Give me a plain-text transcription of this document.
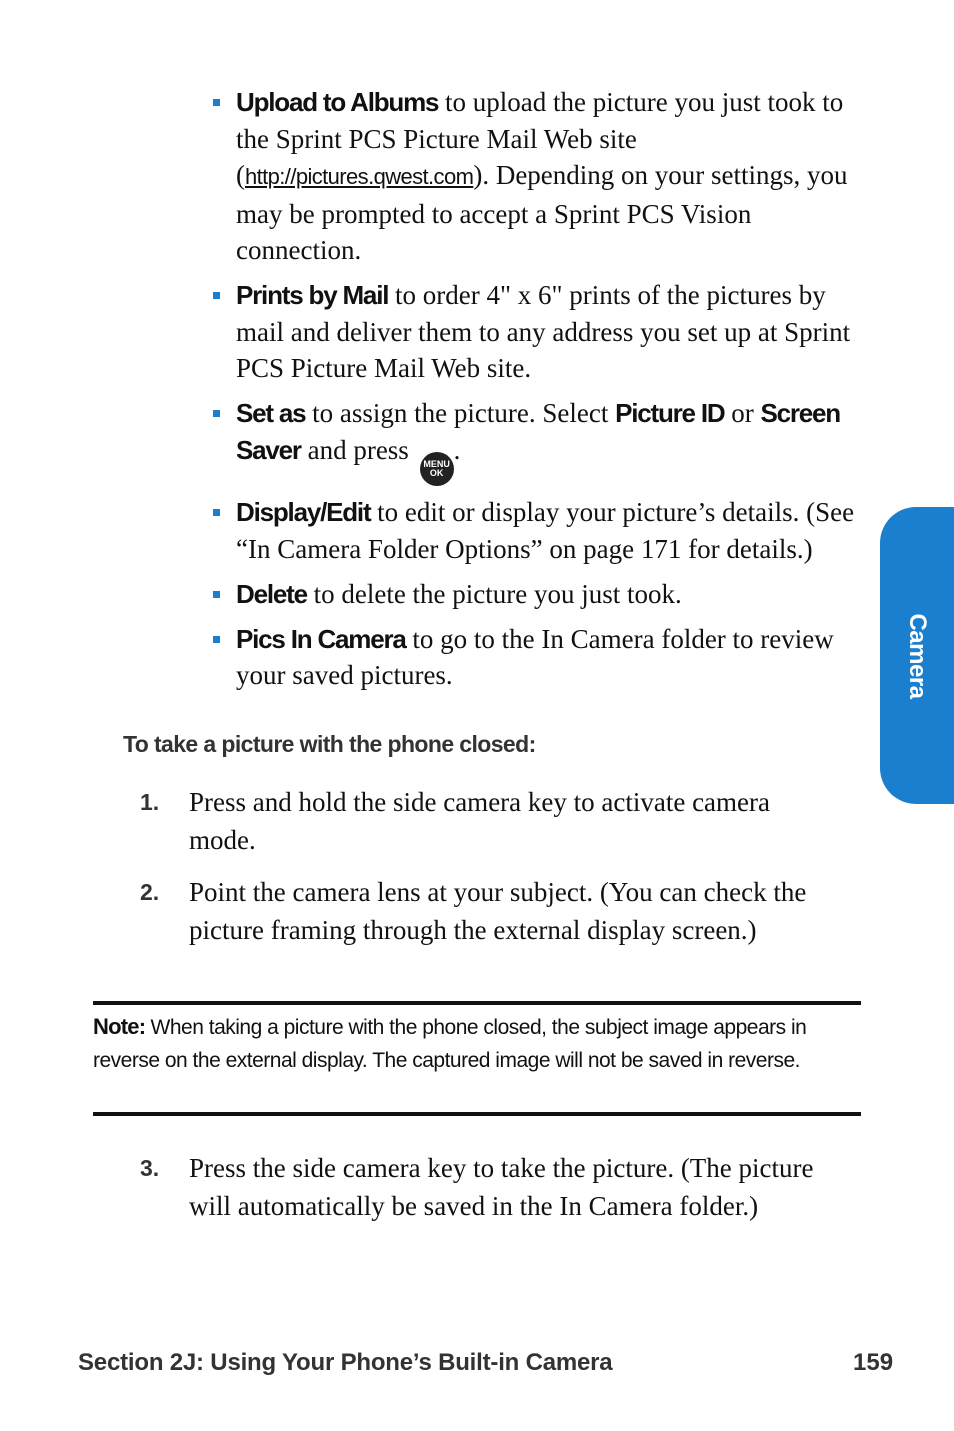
Upload to Albums to upload the picture you just took to the Sprint PCS Picture Mail Web site (http://pictures.qwest.com). Depending on your settings, you may be prompted to accept a Sprint PCS Vision connection.
Prints by Mail to order 4" x 6" prints of the pictures by mail and deliver them to any address you set up at Sprint PCS Picture Mail Web site.
Set as to assign the picture. Select Picture ID or Screen Saver and press MENU
OK
.
Display/Edit to edit or display your picture’s details. (See “In Camera Folder Options” on page 171 for details.)
Delete to delete the picture you just took.
Pics In Camera to go to the In Camera folder to review your saved pictures.
To take a picture with the phone closed:
1. Press and hold the side camera key to activate camera mode.
2. Point the camera lens at your subject. (You can check the picture framing through the external display screen.)
Note: When taking a picture with the phone closed, the subject image appears in reverse on the external display. The captured image will not be saved in reverse.
3. Press the side camera key to take the picture. (The picture will automatically be saved in the In Camera folder.)
Camera
Section 2J: Using Your Phone’s Built-in Camera	159
